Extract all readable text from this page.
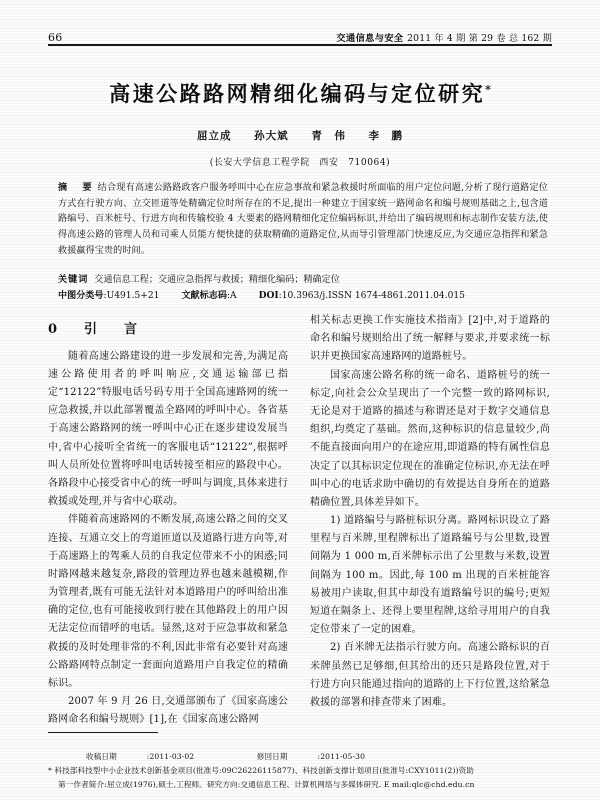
66	交通信息与安全 2011 年 4 期 第 29 卷 总 162 期
高速公路路网精细化编码与定位研究*
屈立成 孙大斌 青　伟 李　鹏
(长安大学信息工程学院　西安　710064)
摘　要 结合现有高速公路路政客户服务呼叫中心在应急事故和紧急救援时所面临的用户定位问题,分析了现行道路定位方式在行驶方向、立交匝道等处精确定位时所存在的不足,提出一种建立于国家统一路网命名和编号规则基础之上,包含道路编号、百米桩号、行进方向和传输校验 4 大要素的路网精细化定位编码标识,并给出了编码规则和标志制作安装方法,使得高速公路的管理人员和司乘人员能方便快捷的获取精确的道路定位,从而导引管理部门快速反应,为交通应急指挥和紧急救援赢得宝贵的时间。
关键词 交通信息工程；交通应急指挥与救援；精细化编码；精确定位
中图分类号:U491.5+21 文献标志码:A DOI:10.3963/j.ISSN 1674-4861.2011.04.015
0　引　言

随着高速公路建设的进一步发展和完善,为满足高速公路使用者的呼叫响应,交通运输部已指定“12122”特服电话号码专用于全国高速路网的统一应急救援,并以此部署覆盖全路网的呼叫中心。各省基于高速公路路网的统一呼叫中心正在逐步建设发展当中,省中心接听全省统一的客服电话“12122”,根据呼叫人员所处位置将呼叫电话转接至相应的路段中心。各路段中心接受省中心的统一呼叫与调度,具体来进行救援或处理,并与省中心联动。

伴随着高速路网的不断发展,高速公路之间的交叉连接、互通立交上的弯道匝道以及道路行进方向等,对于高速路上的驾乘人员的自我定位带来不小的困惑;同时路网越来越复杂,路段的管理边界也越来越模糊,作为管理者,既有可能无法针对本道路用户的呼叫给出准确的定位,也有可能接收到行驶在其他路段上的用户因无法定位而错呼的电话。显然,这对于应急事故和紧急救援的及时处理非常的不利,因此非常有必要针对高速公路路网特点制定一套面向道路用户自我定位的精确标识。

2007 年 9 月 26 日,交通部颁布了《国家高速公路网命名和编号规则》[1],在《国家高速公路网

相关标志更换工作实施技术指南》[2]中,对于道路的命名和编号规则给出了统一解释与要求,并要求统一标识并更换国家高速路网的道路桩号。

国家高速公路名称的统一命名、道路桩号的统一标定,向社会公众呈现出了一个完整一致的路网标识,无论是对于道路的描述与称谓还是对于数字交通信息组织,均奠定了基础。然而,这种标识的信息量较少,尚不能直接面向用户的在途应用,即道路的特有属性信息决定了以其标识定位现在的准确定位标识,亦无法在呼叫中心的电话求助中确切的有效提达自身所在的道路精确位置,具体差异如下。

1) 道路编号与路桩标识分离。路网标识设立了路里程与百米牌,里程牌标出了道路编号与公里数,设置间隔为 1 000 m,百米牌标示出了公里数与米数,设置间隔为 100 m。因此,每 100 m 出现的百米桩能容易被用户读取,但其中却没有道路编号识的编号;更短短道在隔条上、还得上要里程牌,这给寻用用户的自我定位带来了一定的困难。

2) 百米牌无法指示行驶方向。高速公路标识的百米牌虽然已足够细,但其给出的还只是路段位置,对于行进方向只能通过指向的道路的上下行位置,这给紧急救援的部署和排查带来了困难。

收稿日期	:2011-03-02	修回日期	:2011-05-30
* 科技部科技型中小企业技术创新基金项目(批准号:09C26226115877)、科技创新支撑计划项目(批准号:CXY1011(2))资助
第一作者简介:屈立成(1976),硕士,工程师。研究方向:交通信息工程、计算机网络与多媒体研究. E mail:qlc@chd.edu.cn
